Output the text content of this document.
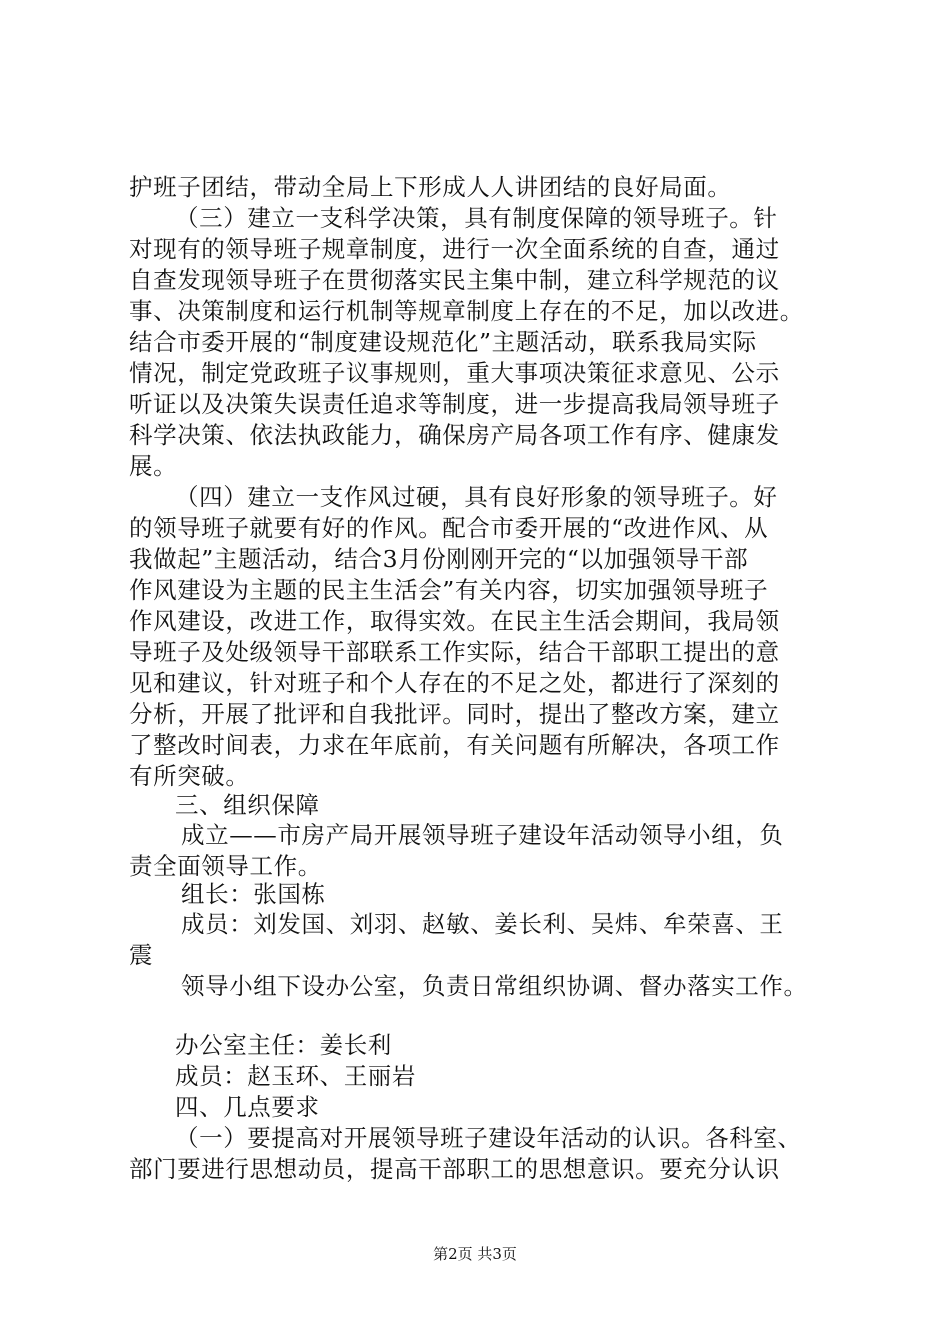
护班子团结，带动全局上下形成人人讲团结的良好局面。
（三）建立一支科学决策，具有制度保障的领导班子。针
对现有的领导班子规章制度，进行一次全面系统的自查，通过
自查发现领导班子在贯彻落实民主集中制，建立科学规范的议
事、决策制度和运行机制等规章制度上存在的不足，加以改进。
结合市委开展的“制度建设规范化”主题活动，联系我局实际
情况，制定党政班子议事规则，重大事项决策征求意见、公示
听证以及决策失误责任追求等制度，进一步提高我局领导班子
科学决策、依法执政能力，确保房产局各项工作有序、健康发
展。
（四）建立一支作风过硬，具有良好形象的领导班子。好
的领导班子就要有好的作风。配合市委开展的“改进作风、从
我做起”主题活动，结合3月份刚刚开完的“以加强领导干部
作风建设为主题的民主生活会”有关内容，切实加强领导班子
作风建设，改进工作，取得实效。在民主生活会期间，我局领
导班子及处级领导干部联系工作实际，结合干部职工提出的意
见和建议，针对班子和个人存在的不足之处，都进行了深刻的
分析，开展了批评和自我批评。同时，提出了整改方案，建立
了整改时间表，力求在年底前，有关问题有所解决，各项工作
有所突破。
三、组织保障
成立——市房产局开展领导班子建设年活动领导小组，负
责全面领导工作。
组长：张国栋
成员：刘发国、刘羽、赵敏、姜长利、吴炜、牟荣喜、王
震
领导小组下设办公室，负责日常组织协调、督办落实工作。
办公室主任：姜长利
成员：赵玉环、王丽岩
四、几点要求
（一）要提高对开展领导班子建设年活动的认识。各科室、
部门要进行思想动员，提高干部职工的思想意识。要充分认识
第2页 共3页
